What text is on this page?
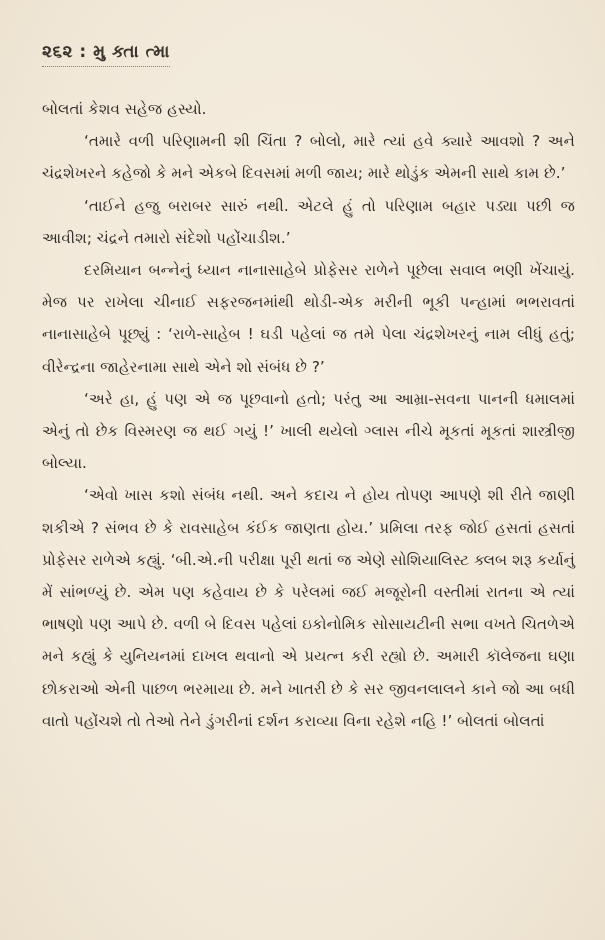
૨૬૨ : મુ ક્તા ત્મા

બોલતાં કેશવ સહેજ હસ્યો.

‘તમારે વળી પરિણામની શી ચિંતા ? બોલો, મારે ત્યાં હવે ક્યારે આવશો ? અને ચંદ્રશેખરને કહેજો કે મને એકબે દિવસમાં મળી જાય; મારે થોડુંક એમની સાથે કામ છે.’

‘તાઈને હજુ બરાબર સારું નથી. એટલે હું તો પરિણામ બહાર પડ્યા પછી જ આવીશ; ચંદ્રને તમારો સંદેશો પહોંચાડીશ.’

દરમિયાન બન્નેનું ધ્યાન નાનાસાહેબે પ્રોફેસર રાળેને પૂછેલા સવાલ ભણી ખેંચાયું. મેજ પર રાખેલા ચીનાઈ સફરજનમાંથી થોડી-એક મરીની ભૂકી પન્હામાં ભભરાવતાં નાનાસાહેબે પૂછ્યું : ‘રાળે-સાહેબ ! ઘડી પહેલાં જ તમે પેલા ચંદ્રશેખરનું નામ લીધું હતું; વીરેન્દ્રના જાહેરનામા સાથે એને શો સંબંધ છે ?’

‘અરે હા, હું પણ એ જ પૂછવાનો હતો; પરંતુ આ આમ્રા-સવના પાનની ધમાલમાં એનું તો છેક વિસ્મરણ જ થઈ ગયું !’ ખાલી થયેલો ગ્લાસ નીચે મૂકતાં મૂકતાં શાસ્ત્રીજી બોલ્યા.

‘એવો ખાસ કશો સંબંધ નથી. અને કદાચ ને હોય તોપણ આપણે શી રીતે જાણી શકીએ ? સંભવ છે કે રાવસાહેબ કંઈક જાણતા હોય.’ પ્રમિલા તરફ જોઈ હસતાં હસતાં પ્રોફેસર રાળેએ કહ્યું. ‘બી.એ.ની પરીક્ષા પૂરી થતાં જ એણે સોશિયાલિસ્ટ ક્લબ શરૂ કર્યાનું મેં સાંભળ્યું છે. એમ પણ કહેવાય છે કે પરેલમાં જઈ મજૂરોની વસ્તીમાં રાતના એ ત્યાં ભાષણો પણ આપે છે. વળી બે દિવસ પહેલાં ઇકોનોમિક સોસાયટીની સભા વખતે ચિતળેએ મને કહ્યું કે યુનિયનમાં દાખલ થવાનો એ પ્રયત્ન કરી રહ્યો છે. અમારી કૉલેજના ઘણા છોકરાઓ એની પાછળ ભરમાયા છે. મને ખાતરી છે કે સર જીવનલાલને કાને જો આ બધી વાતો પહોંચશે તો તેઓ તેને ડુંગરીનાં દર્શન કરાવ્યા વિના રહેશે નહિ !’ બોલતાં બોલતાં
